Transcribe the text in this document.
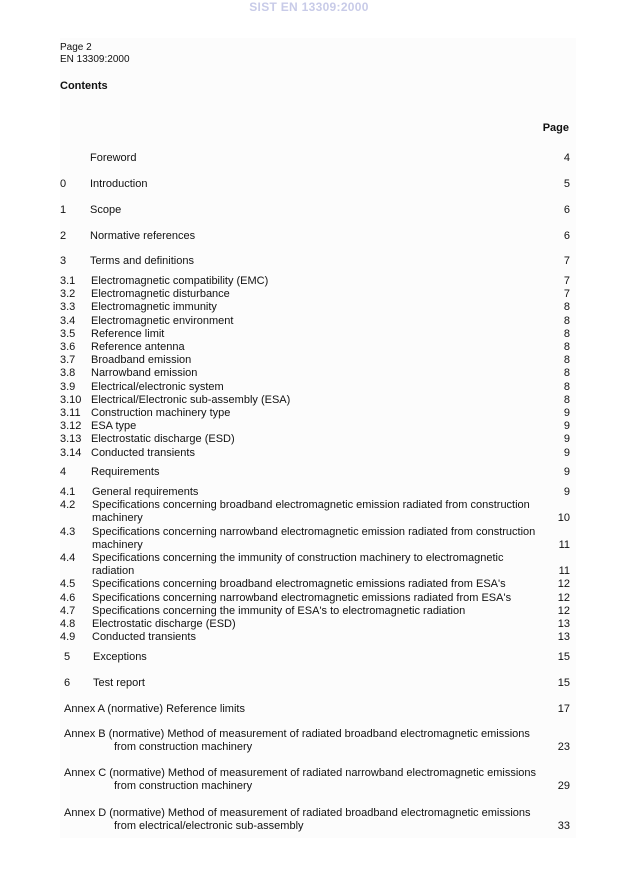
SIST EN 13309:2000
Page 2
EN 13309:2000
Contents
Page
Foreword	4
0 Introduction	5
1 Scope	6
2 Normative references	6
3 Terms and definitions	7
3.1 Electromagnetic compatibility (EMC)	7
3.2 Electromagnetic disturbance	7
3.3 Electromagnetic immunity	8
3.4 Electromagnetic environment	8
3.5 Reference limit	8
3.6 Reference antenna	8
3.7 Broadband emission	8
3.8 Narrowband emission	8
3.9 Electrical/electronic system	8
3.10 Electrical/Electronic sub-assembly (ESA)	8
3.11 Construction machinery type	9
3.12 ESA type	9
3.13 Electrostatic discharge (ESD)	9
3.14 Conducted transients	9
4 Requirements	9
4.1 General requirements	9
4.2 Specifications concerning broadband electromagnetic emission radiated from construction machinery	10
4.3 Specifications concerning narrowband electromagnetic emission radiated from construction machinery	11
4.4 Specifications concerning the immunity of construction machinery to electromagnetic radiation	11
4.5 Specifications concerning broadband electromagnetic emissions radiated from ESA's	12
4.6 Specifications concerning narrowband electromagnetic emissions radiated from ESA's	12
4.7 Specifications concerning the immunity of ESA's to electromagnetic radiation	12
4.8 Electrostatic discharge (ESD)	13
4.9 Conducted transients	13
5 Exceptions	15
6 Test report	15
Annex A (normative) Reference limits	17
Annex B (normative) Method of measurement of radiated broadband electromagnetic emissions
from construction machinery	23
Annex C (normative) Method of measurement of radiated narrowband electromagnetic emissions
from construction machinery	29
Annex D (normative) Method of measurement of radiated broadband electromagnetic emissions
from electrical/electronic sub-assembly	33
